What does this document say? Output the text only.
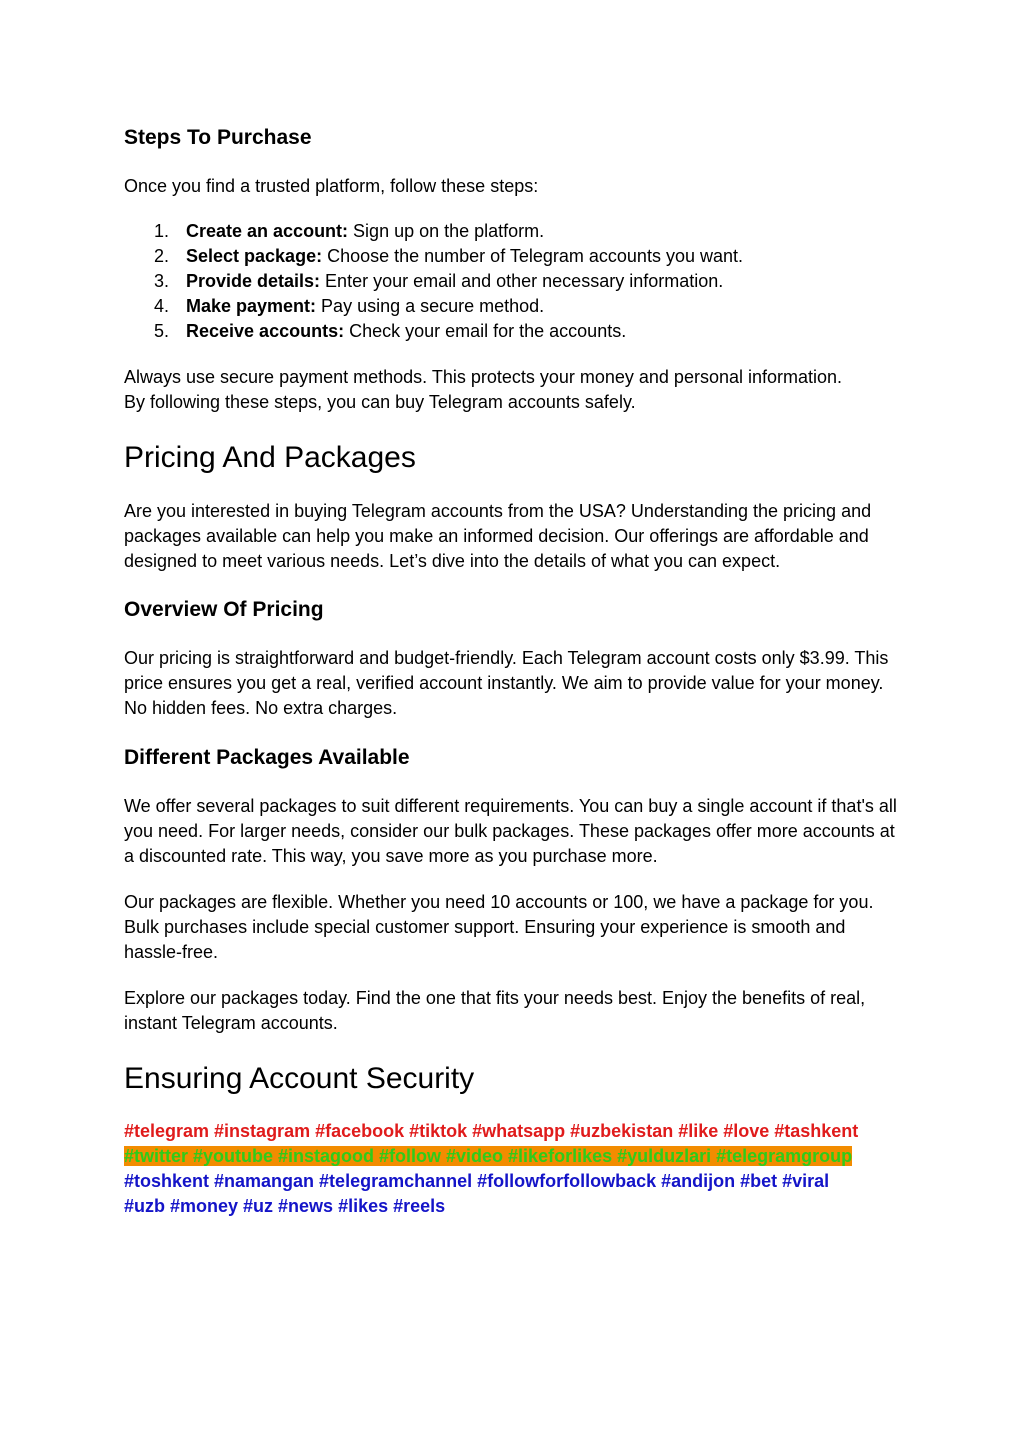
Steps To Purchase

Once you find a trusted platform, follow these steps:

1. Create an account: Sign up on the platform.
2. Select package: Choose the number of Telegram accounts you want.
3. Provide details: Enter your email and other necessary information.
4. Make payment: Pay using a secure method.
5. Receive accounts: Check your email for the accounts.

Always use secure payment methods. This protects your money and personal information.
By following these steps, you can buy Telegram accounts safely.

Pricing And Packages

Are you interested in buying Telegram accounts from the USA? Understanding the pricing and packages available can help you make an informed decision. Our offerings are affordable and designed to meet various needs. Let’s dive into the details of what you can expect.

Overview Of Pricing

Our pricing is straightforward and budget-friendly. Each Telegram account costs only $3.99. This price ensures you get a real, verified account instantly. We aim to provide value for your money. No hidden fees. No extra charges.

Different Packages Available

We offer several packages to suit different requirements. You can buy a single account if that's all you need. For larger needs, consider our bulk packages. These packages offer more accounts at a discounted rate. This way, you save more as you purchase more.

Our packages are flexible. Whether you need 10 accounts or 100, we have a package for you. Bulk purchases include special customer support. Ensuring your experience is smooth and hassle-free.

Explore our packages today. Find the one that fits your needs best. Enjoy the benefits of real, instant Telegram accounts.

Ensuring Account Security
#telegram #instagram #facebook #tiktok #whatsapp #uzbekistan #like #love #tashkent
#twitter #youtube #instagood #follow #video #likeforlikes #yulduzlari #telegramgroup
#toshkent #namangan #telegramchannel #followforfollowback #andijon #bet #viral
#uzb #money #uz #news #likes #reels
